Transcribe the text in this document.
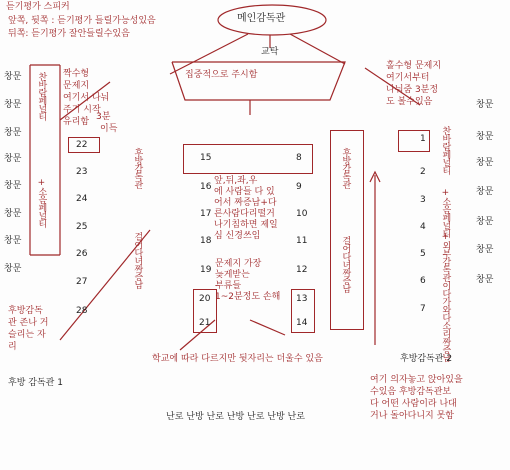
듣기평가 스피커
앞쪽, 뒷쪽 : 듣기평가 들릴가능성있음
뒤쪽: 듣기평가 잘안들릴수있음
메인감독관
교탁
집중적으로 주시함
창문
창문
창문
창문
창문
창문
창문
창문
찬바람페널티
+소음페널티
짝수형
문제지
여기서 나눠
주기 시작
유리함 3분
이득
22
23
24
25
26
27
28
후방감독관
걸어다녀짜증남
15	8
16	9
17	10
18	11
19	12
앞,뒤,좌,우
에 사람들 다 있
어서 짜증남+다
른사람다리떨거
나기침하면 제일
심 신경쓰임
문제지 가장
늦게받는
부류들
1~2분정도 손해
20
21
13
14
후방감독관
걸어다녀짜증남
홀수형 문제지
여기서부터
나눠줌 3분정
도 볼수있음
1
2
3
4
5
6
7
찬바람페널티
+소음페널티
+외부감독관이다가와다소리짜증남
창문
창문
창문
창문
창문
창문
창문
후방감독
관 존나 거
슬리는 자
리
후방 감독관 1
후방감독관 2
학교에 따라 다르지만 뒷자리는 더울수 있음
여기 의자놓고 앉아있을
수있음 후방감독관보
다 어떤 사람이라 나대
거나 돌아다니지 못함
난로 난방 난로 난방 난로 난방 난로
